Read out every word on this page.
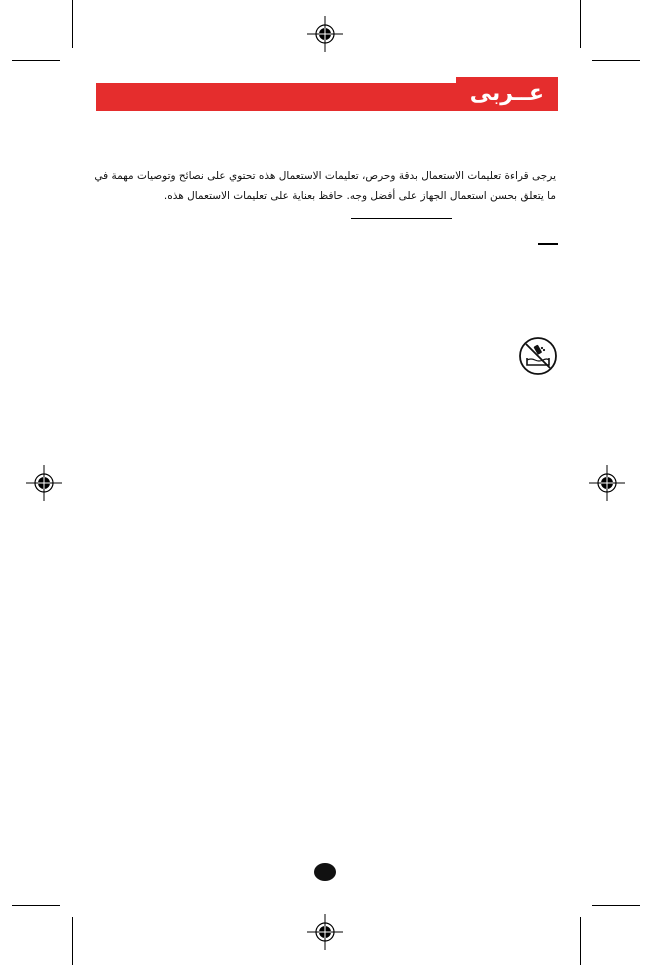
عــربى
يرجى قراءة تعليمات الاستعمال بدقة وحرص، تعليمات الاستعمال هذه تحتوي على نصائح وتوصيات مهمة في ما يتعلق بحسن استعمال الجهاز على أفضل وجه. حافظ بعناية على تعليمات الاستعمال هذه.
